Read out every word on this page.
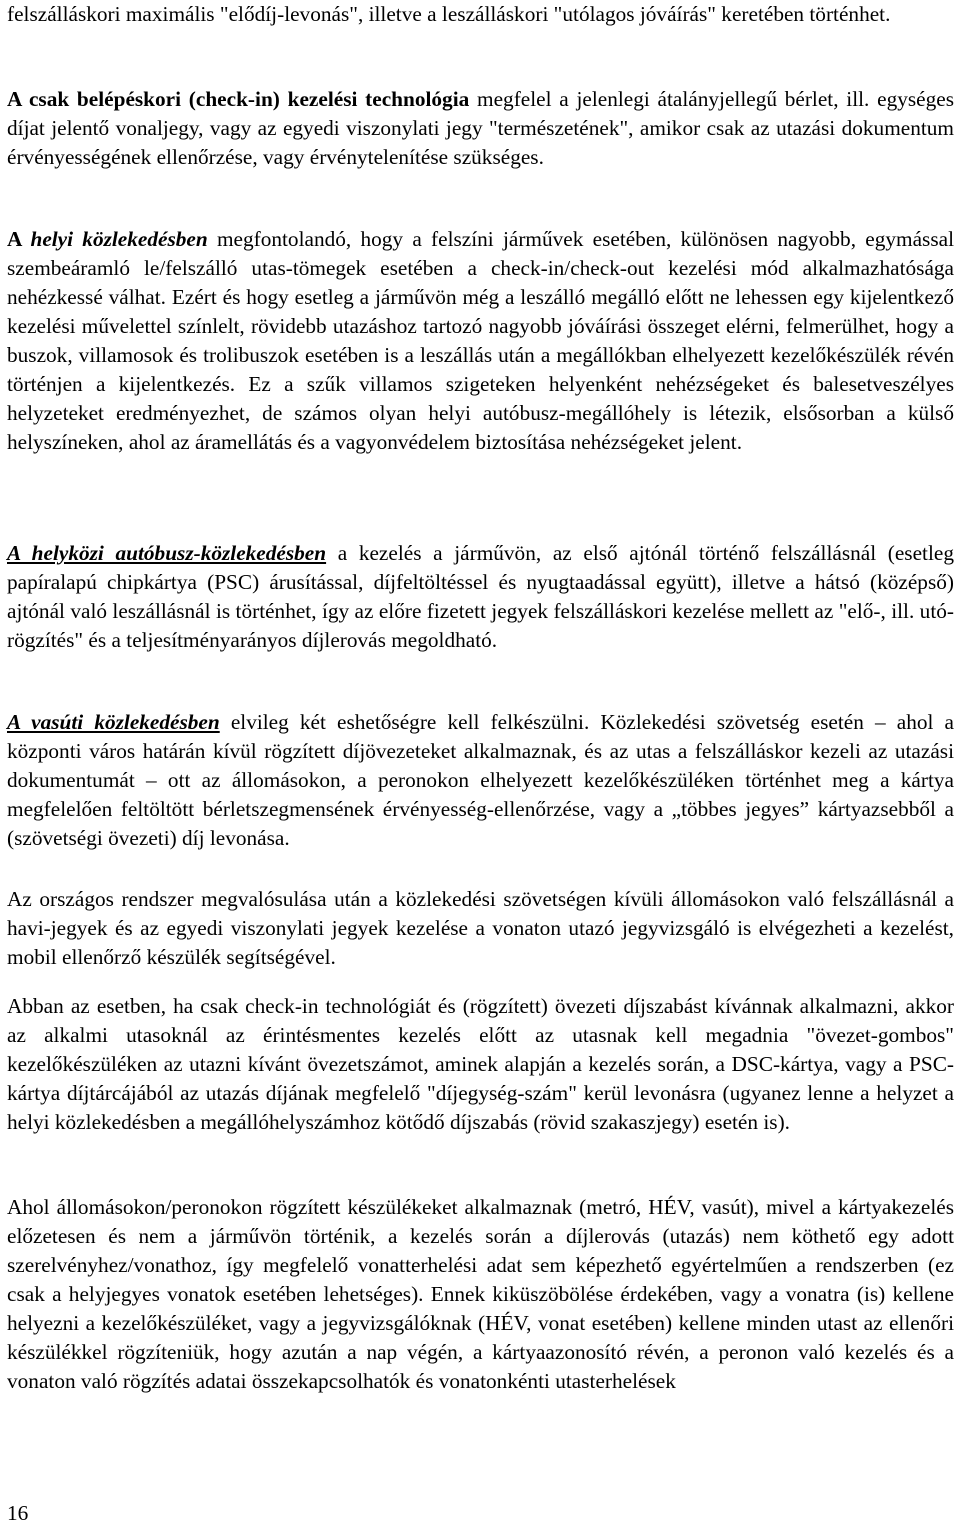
felszálláskori maximális "elődíj-levonás", illetve a leszálláskori "utólagos jóváírás" keretében történhet.

A csak belépéskori (check-in) kezelési technológia megfelel a jelenlegi átalányjellegű bérlet, ill. egységes díjat jelentő vonaljegy, vagy az egyedi viszonylati jegy "természetének", amikor csak az utazási dokumentum érvényességének ellenőrzése, vagy érvénytelenítése szükséges.

A helyi közlekedésben megfontolandó, hogy a felszíni járművek esetében, különösen nagyobb, egymással szembeáramló le/felszálló utas-tömegek esetében a check-in/check-out kezelési mód alkalmazhatósága nehézkessé válhat. Ezért és hogy esetleg a járművön még a leszálló megálló előtt ne lehessen egy kijelentkező kezelési művelettel színlelt, rövidebb utazáshoz tartozó nagyobb jóváírási összeget elérni, felmerülhet, hogy a buszok, villamosok és trolibuszok esetében is a leszállás után a megállókban elhelyezett kezelőkészülék révén történjen a kijelentkezés. Ez a szűk villamos szigeteken helyenként nehézségeket és balesetveszélyes helyzeteket eredményezhet, de számos olyan helyi autóbusz-megállóhely is létezik, elsősorban a külső helyszíneken, ahol az áramellátás és a vagyonvédelem biztosítása nehézségeket jelent.

A helyközi autóbusz-közlekedésben a kezelés a járművön, az első ajtónál történő felszállásnál (esetleg papíralapú chipkártya (PSC) árusítással, díjfeltöltéssel és nyugtaadással együtt), illetve a hátsó (középső) ajtónál való leszállásnál is történhet, így az előre fizetett jegyek felszálláskori kezelése mellett az "elő-, ill. utó-rögzítés" és a teljesítményarányos díjlerovás megoldható.

A vasúti közlekedésben elvileg két eshetőségre kell felkészülni. Közlekedési szövetség esetén – ahol a központi város határán kívül rögzített díjövezeteket alkalmaznak, és az utas a felszálláskor kezeli az utazási dokumentumát – ott az állomásokon, a peronokon elhelyezett kezelőkészüléken történhet meg a kártya megfelelően feltöltött bérletszegmensének érvényesség-ellenőrzése, vagy a „többes jegyes” kártyazsebből a (szövetségi övezeti) díj levonása.

Az országos rendszer megvalósulása után a közlekedési szövetségen kívüli állomásokon való felszállásnál a havi-jegyek és az egyedi viszonylati jegyek kezelése a vonaton utazó jegyvizsgáló is elvégezheti a kezelést, mobil ellenőrző készülék segítségével.

Abban az esetben, ha csak check-in technológiát és (rögzített) övezeti díjszabást kívánnak alkalmazni, akkor az alkalmi utasoknál az érintésmentes kezelés előtt az utasnak kell megadnia "övezet-gombos" kezelőkészüléken az utazni kívánt övezetszámot, aminek alapján a kezelés során, a DSC-kártya, vagy a PSC-kártya díjtárcájából az utazás díjának megfelelő "díjegység-szám" kerül levonásra (ugyanez lenne a helyzet a helyi közlekedésben a megállóhelyszámhoz kötődő díjszabás (rövid szakaszjegy) esetén is).

Ahol állomásokon/peronokon rögzített készülékeket alkalmaznak (metró, HÉV, vasút), mivel a kártyakezelés előzetesen és nem a járművön történik, a kezelés során a díjlerovás (utazás) nem köthető egy adott szerelvényhez/vonathoz, így megfelelő vonatterhelési adat sem képezhető egyértelműen a rendszerben (ez csak a helyjegyes vonatok esetében lehetséges). Ennek kiküszöbölése érdekében, vagy a vonatra (is) kellene helyezni a kezelőkészüléket, vagy a jegyvizsgálóknak (HÉV, vonat esetében) kellene minden utast az ellenőri készülékkel rögzíteniük, hogy azután a nap végén, a kártyaazonosító révén, a peronon való kezelés és a vonaton való rögzítés adatai összekapcsolhatók és vonatonkénti utasterhelések

16
